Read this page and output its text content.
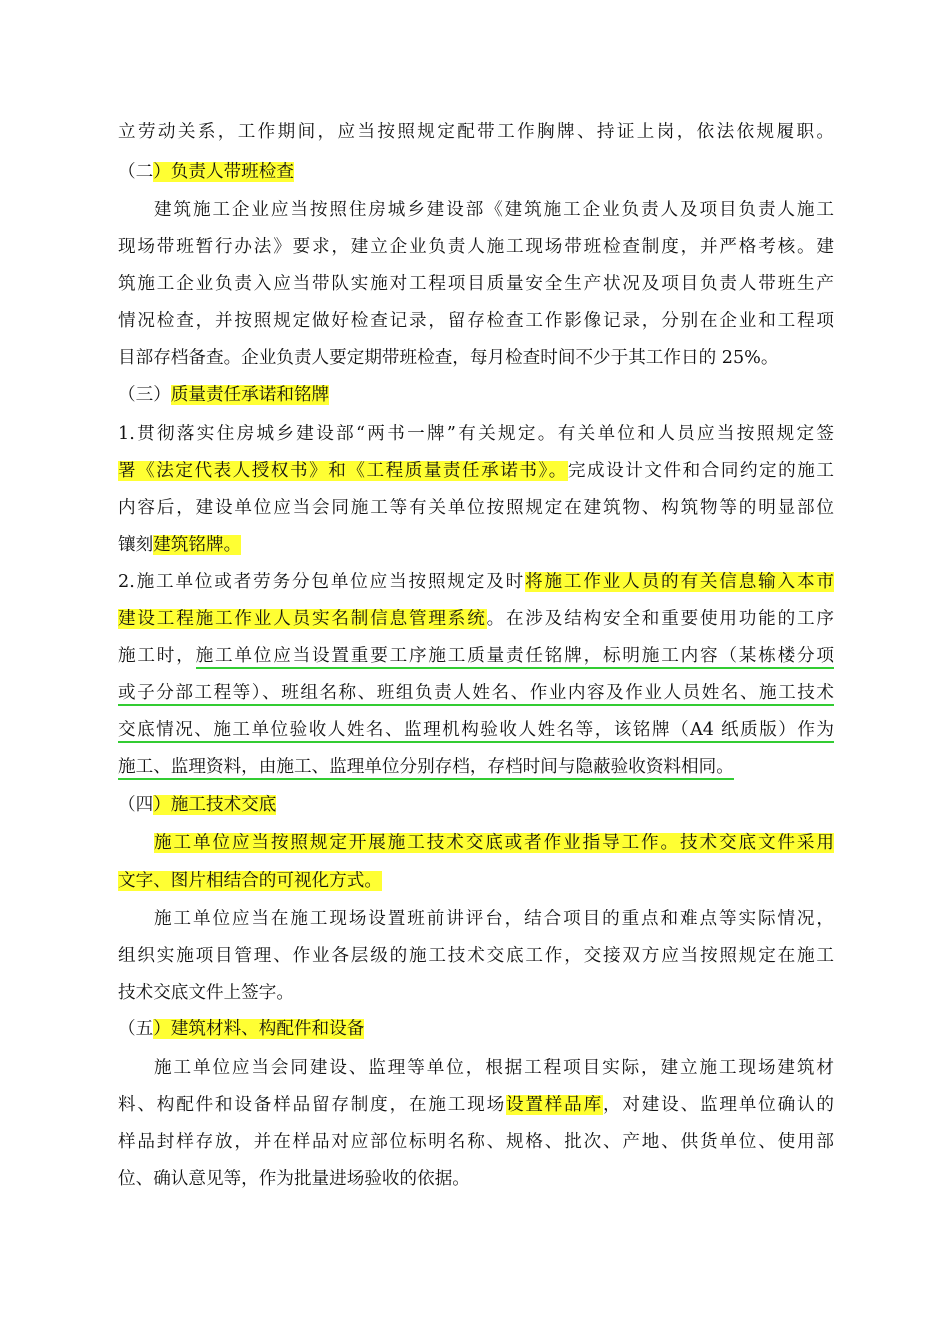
立劳动关系，工作期间，应当按照规定配带工作胸牌、持证上岗，依法依规履职。
（二）负责人带班检查
建筑施工企业应当按照住房城乡建设部《建筑施工企业负责人及项目负责人施工
现场带班暂行办法》要求，建立企业负责人施工现场带班检查制度，并严格考核。建
筑施工企业负责入应当带队实施对工程项目质量安全生产状况及项目负责人带班生产
情况检查，并按照规定做好检查记录，留存检查工作影像记录，分别在企业和工程项
目部存档备查。企业负责人要定期带班检查，每月检查时间不少于其工作日的 25%。
（三）质量责任承诺和铭牌
1.贯彻落实住房城乡建设部“两书一牌”有关规定。有关单位和人员应当按照规定签
署《法定代表人授权书》和《工程质量责任承诺书》。完成设计文件和合同约定的施工
内容后，建设单位应当会同施工等有关单位按照规定在建筑物、构筑物等的明显部位
镶刻建筑铭牌。
2.施工单位或者劳务分包单位应当按照规定及时将施工作业人员的有关信息输入本市
建设工程施工作业人员实名制信息管理系统。在涉及结构安全和重要使用功能的工序
施工时，施工单位应当设置重要工序施工质量责任铭牌，标明施工内容（某栋楼分项
或子分部工程等）、班组名称、班组负责人姓名、作业内容及作业人员姓名、施工技术
交底情况、施工单位验收人姓名、监理机构验收人姓名等，该铭牌（A4 纸质版）作为
施工、监理资料，由施工、监理单位分别存档，存档时间与隐蔽验收资料相同。
（四）施工技术交底
施工单位应当按照规定开展施工技术交底或者作业指导工作。技术交底文件采用
文字、图片相结合的可视化方式。
施工单位应当在施工现场设置班前讲评台，结合项目的重点和难点等实际情况，
组织实施项目管理、作业各层级的施工技术交底工作，交接双方应当按照规定在施工
技术交底文件上签字。
（五）建筑材料、构配件和设备
施工单位应当会同建设、监理等单位，根据工程项目实际，建立施工现场建筑材
料、构配件和设备样品留存制度，在施工现场设置样品库，对建设、监理单位确认的
样品封样存放，并在样品对应部位标明名称、规格、批次、产地、供货单位、使用部
位、确认意见等，作为批量进场验收的依据。
